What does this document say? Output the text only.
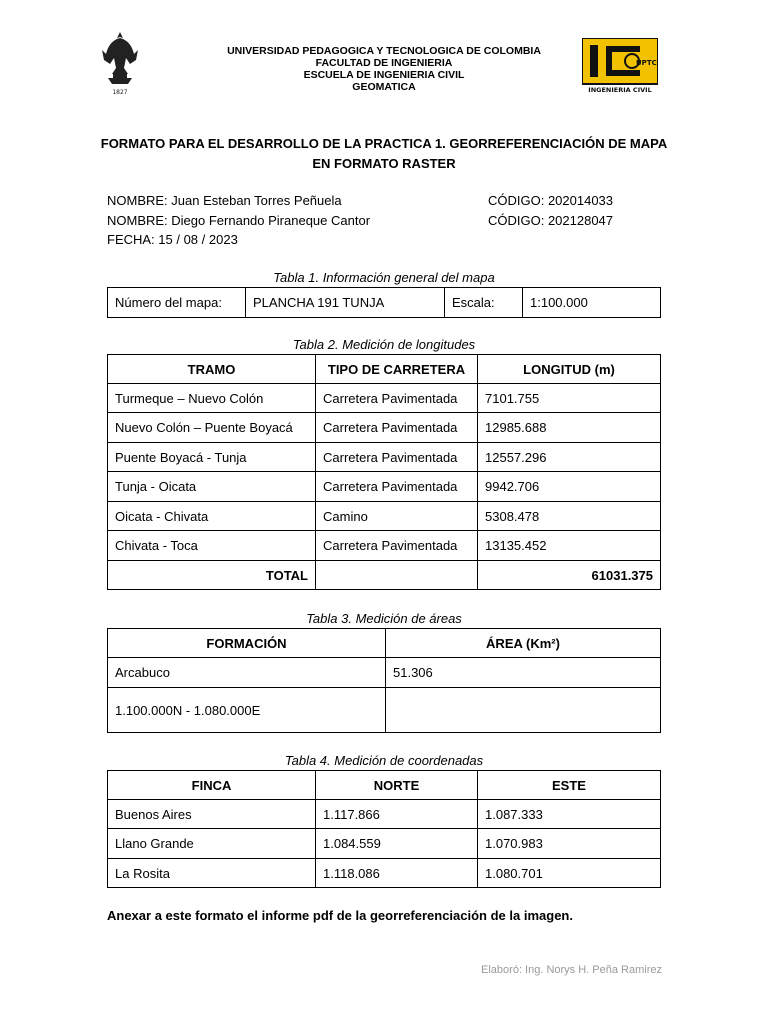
1827
UNIVERSIDAD PEDAGOGICA Y TECNOLOGICA DE COLOMBIA
FACULTAD DE INGENIERIA
ESCUELA DE INGENIERIA CIVIL
GEOMATICA
UPTC
INGENIERIA CIVIL
FORMATO PARA EL DESARROLLO DE LA PRACTICA 1. GEORREFERENCIACIÓN DE MAPA
EN FORMATO RASTER
NOMBRE: Juan Esteban Torres Peñuela	CÓDIGO: 202014033
NOMBRE: Diego Fernando Piraneque Cantor	CÓDIGO: 202128047
FECHA: 15 / 08 / 2023
Tabla 1. Información general del mapa
Número del mapa:	PLANCHA 191 TUNJA	Escala:	1:100.000
Tabla 2. Medición de longitudes
TRAMO	TIPO DE CARRETERA	LONGITUD (m)
Turmeque – Nuevo Colón	Carretera Pavimentada	7101.755
Nuevo Colón – Puente Boyacá	Carretera Pavimentada	12985.688
Puente Boyacá - Tunja	Carretera Pavimentada	12557.296
Tunja - Oicata	Carretera Pavimentada	9942.706
Oicata - Chivata	Camino	5308.478
Chivata - Toca	Carretera Pavimentada	13135.452
TOTAL		61031.375
Tabla 3. Medición de áreas
FORMACIÓN	ÁREA (Km²)
Arcabuco	51.306
1.100.000N - 1.080.000E	
Tabla 4. Medición de coordenadas
FINCA	NORTE	ESTE
Buenos Aires	1.117.866	1.087.333
Llano Grande	1.084.559	1.070.983
La Rosita	1.118.086	1.080.701
Anexar a este formato el informe pdf de la georreferenciación de la imagen.
Elaboró: Ing. Norys H. Peña Ramirez
